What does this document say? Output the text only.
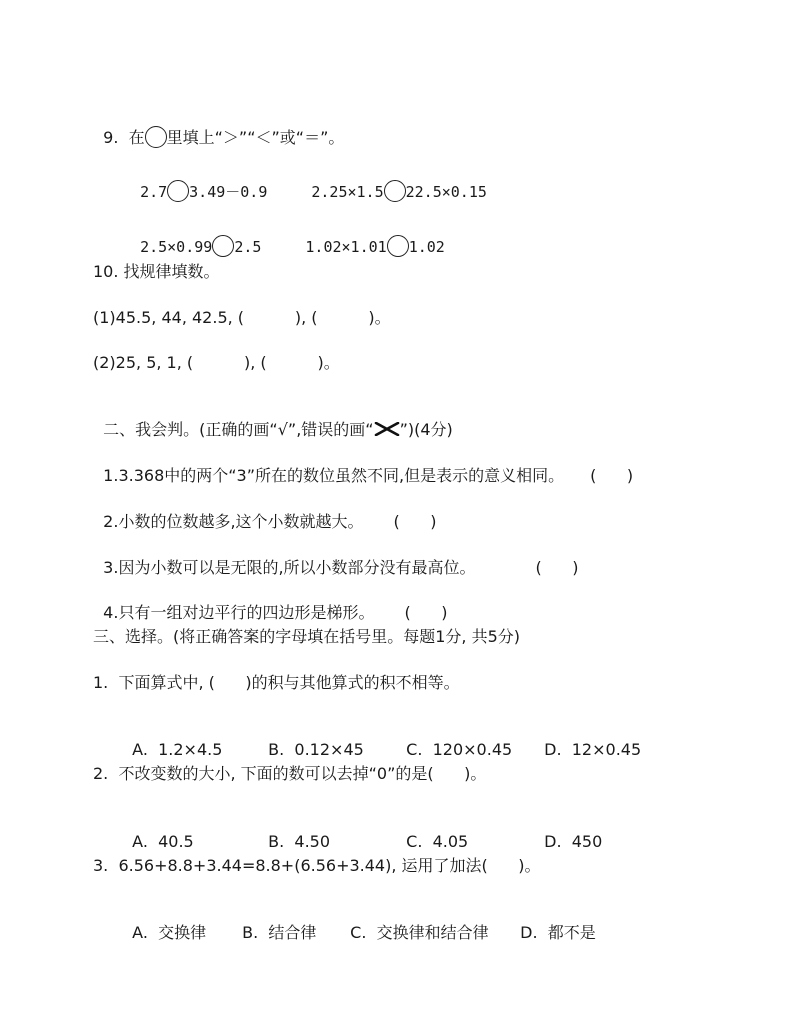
9.  在 里填上“＞”“＜”或“＝”。

2.7 3.49－0.9	2.25×1.5 22.5×0.15

2.5×0.99 2.5	1.02×1.01 1.02

10. 找规律填数。
(1)45.5, 44, 42.5, (          ), (          )。
(2)25, 5, 1, (          ), (          )。

二、我会判。(正确的画“√”,错误的画“ ”)(4分)

1.3.368中的两个“3”所在的数位虽然不同,但是表示的意义相同。 (      )

2.小数的位数越多,这个小数就越大。 (      )

3.因为小数可以是无限的,所以小数部分没有最高位。	(      )

4.只有一组对边平行的四边形是梯形。 (      )

三、选择。(将正确答案的字母填在括号里。每题1分, 共5分)
1.  下面算式中, (      )的积与其他算式的积不相等。

A.  1.2×4.5	B.  0.12×45	C.  120×0.45 D.  12×0.45

2.  不改变数的大小, 下面的数可以去掉“0”的是(      )。

A.  40.5	B.  4.50	C.  4.05	D.  450

3.  6.56+8.8+3.44=8.8+(6.56+3.44), 运用了加法(      )。

A.  交换律 B.  结合律 C.  交换律和结合律 D.  都不是
